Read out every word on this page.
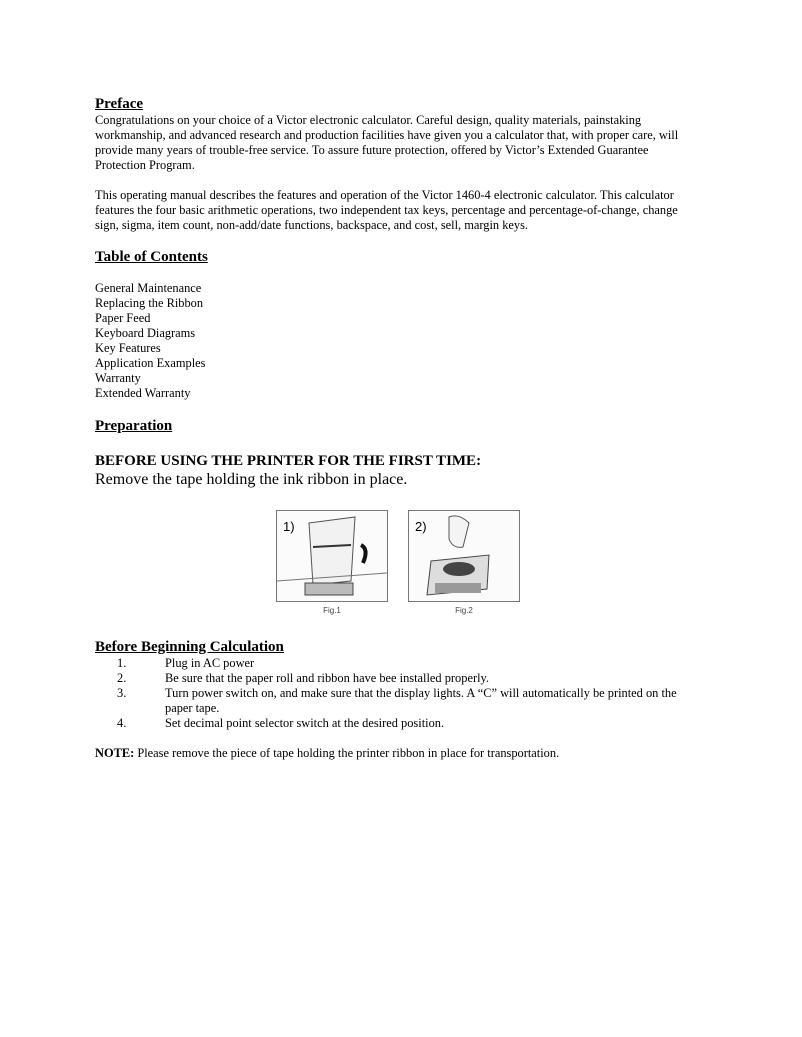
Preface

Congratulations on your choice of a Victor electronic calculator. Careful design, quality materials, painstaking workmanship, and advanced research and production facilities have given you a calculator that, with proper care, will provide many years of trouble-free service. To assure future protection, offered by Victor’s Extended Guarantee Protection Program.

This operating manual describes the features and operation of the Victor 1460-4 electronic calculator. This calculator features the four basic arithmetic operations, two independent tax keys, percentage and percentage-of-change, change sign, sigma, item count, non-add/date functions, backspace, and cost, sell, margin keys.

Table of Contents
General Maintenance
Replacing the Ribbon
Paper Feed
Keyboard Diagrams
Key Features
Application Examples
Warranty
Extended Warranty
Preparation
BEFORE USING THE PRINTER FOR THE FIRST TIME:
Remove the tape holding the ink ribbon in place.
1)
Fig.1
2)
Fig.2
Before Beginning Calculation
1.	Plug in AC power
2.	Be sure that the paper roll and ribbon have bee installed properly.
3.	Turn power switch on, and make sure that the display lights. A “C” will automatically be printed on the paper tape.
4.	Set decimal point selector switch at the desired position.

NOTE: Please remove the piece of tape holding the printer ribbon in place for transportation.
